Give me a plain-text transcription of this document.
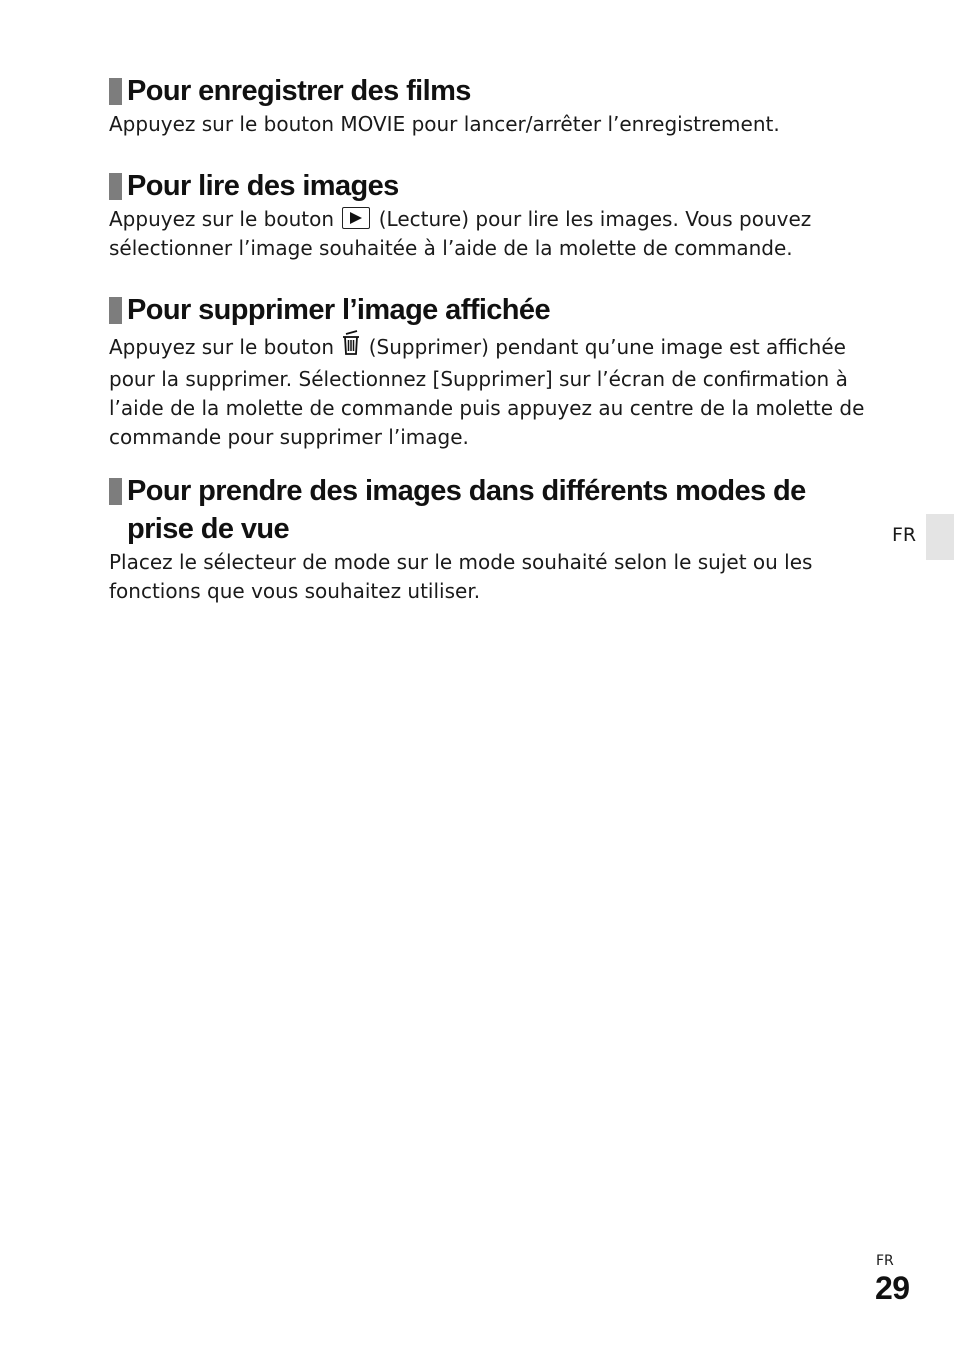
Pour enregistrer des films

Appuyez sur le bouton MOVIE pour lancer/arrêter l’enregistrement.

Pour lire des images

Appuyez sur le bouton (Lecture) pour lire les images. Vous pouvez sélectionner l’image souhaitée à l’aide de la molette de commande.

Pour supprimer l’image affichée

Appuyez sur le bouton (Supprimer) pendant qu’une image est affichée pour la supprimer. Sélectionnez [Supprimer] sur l’écran de confirmation à l’aide de la molette de commande puis appuyez au centre de la molette de commande pour supprimer l’image.

Pour prendre des images dans différents modes de prise de vue

Placez le sélecteur de mode sur le mode souhaité selon le sujet ou les fonctions que vous souhaitez utiliser.

FR
FR
29
